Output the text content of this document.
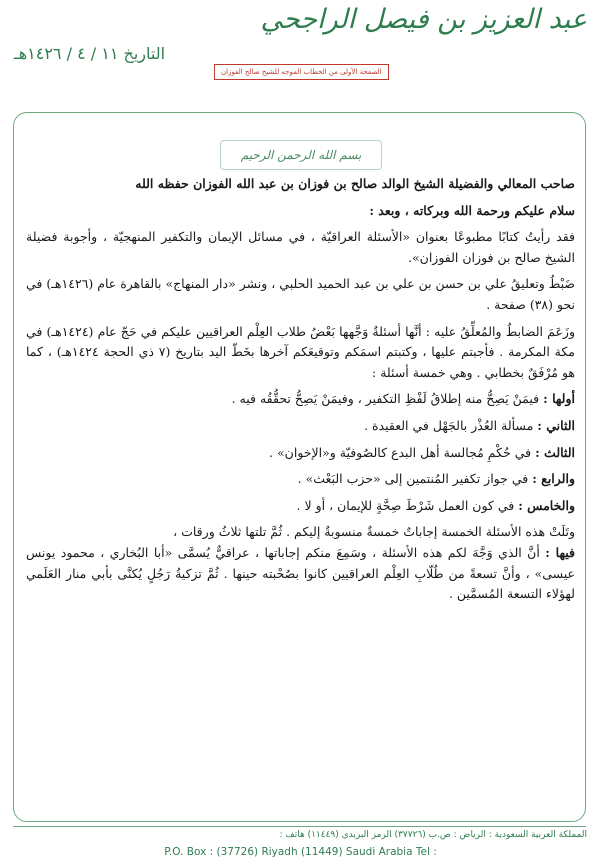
عبد العزيز بن فيصل الراجحي
التاريخ ١١ / ٤ / ١٤٢٦هـ
الصفحة الأولى من الخطاب الموجه للشيخ صالح الفوزان
بسم الله الرحمن الرحيم

صاحب المعالي والفضيلة الشيخ الوالد صالح بن فوزان بن عبد الله الفوزان حفظه الله

سلام عليكم ورحمة الله وبركاته ، وبعد :

فقد رأيتُ كتابًا مطبوعًا بعنوان «الأسئلة العراقيّة ، في مسائل الإيمان والتكفير المنهجيّة ، وأجوبة فضيلة الشيخ صالح بن فوزان الفوزان».

ضَبْطُ وتعليقُ علي بن حسن بن علي بن عبد الحميد الحلبي ، ونشر «دار المنهاج» بالقاهرة عام (١٤٢٦هـ) في نحو (٣٨) صفحة .

وزَعَمَ الضابطُ والمُعلِّقُ عليه : أنَّها أسئلةٌ وَجَّهها بَعْضُ طلاب العِلْم العراقيين عليكم في حَجّ عام (١٤٢٤هـ) في مكة المكرمة . فأجبتم عليها ، وكتبتم اسمَكم وتوقيعَكم آخرها بخَطّ اليد بتاريخ (٧ ذي الحجة ١٤٢٤هـ) ، كما هو مُرْفَقٌ بخطابي . وهي خمسة أسئلة :

أولها : فيمَنْ يَصِحُّ منه إطلاقُ لَفْظِ التكفير ، وفيمَنْ يَصِحُّ تحقُّقُه فيه .

الثاني : مسألة العُذْر بالجَهْل في العقيدة .

الثالث : في حُكْمِ مُجالسة أهل البدع كالصُوفيّة و«الإخوان» .

والرابع : في جواز تكفير المُنتمين إلى «حزب البَعْث» .

والخامس : في كون العمل شَرْطَ صِحَّةٍ للإيمان ، أو لا .

وتَلَتْ هذه الأسئلة الخمسة إجاباتٌ خمسةٌ منسوبةٌ إليكم . ثُمَّ تلتها ثلاثُ ورقات ،

فيها : أنَّ الذي وَجَّهَ لكم هذه الأسئلة ، وسَمِعَ منكم إجاباتها ، عراقيٌّ يُسمَّى «أبا البُخاري ، محمود يونس عيسى» ، وأنَّ تسعةً من طُلّابِ العِلْم العراقيين كانوا بصُحْبته حينها . ثُمَّ تزكيةُ رَجُلٍ يُكنَّى بأبي منار العَلَمي لهؤلاء التسعة المُسمَّين .

المملكة العربية السعودية : الرياض : ص.ب (٣٧٧٢٦) الرمز البريدي (١١٤٤٩) هاتف :
P.O. Box : (37726) Riyadh (11449) Saudi Arabia Tel :
